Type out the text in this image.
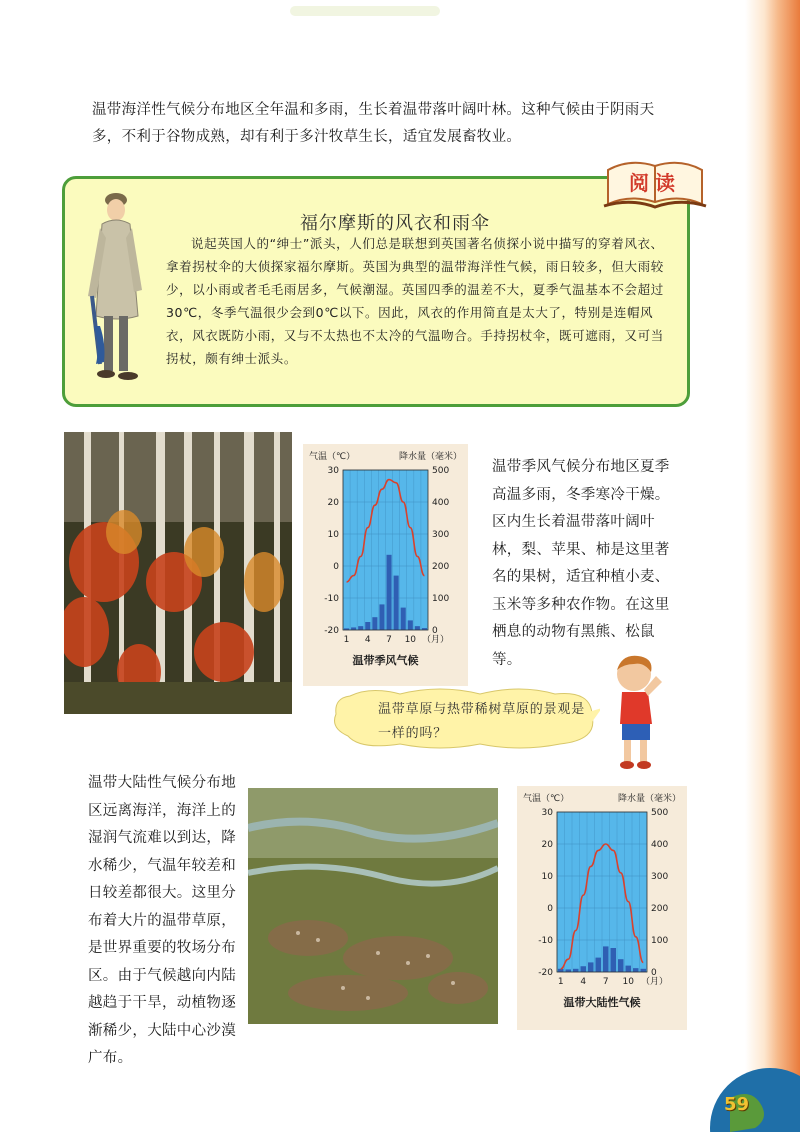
温带海洋性气候分布地区全年温和多雨，生长着温带落叶阔叶林。这种气候由于阴雨天
多，不利于谷物成熟，却有利于多汁牧草生长，适宜发展畜牧业。
阅读
福尔摩斯的风衣和雨伞

说起英国人的“绅士”派头，人们总是联想到英国著名侦探小说中描写的穿着风衣、拿着拐杖伞的大侦探家福尔摩斯。英国为典型的温带海洋性气候，雨日较多，但大雨较少，以小雨或者毛毛雨居多，气候潮湿。英国四季的温差不大，夏季气温基本不会超过30℃，冬季气温很少会到0℃以下。因此，风衣的作用简直是太大了，特别是连帽风衣，风衣既防小雨，又与不太热也不太冷的气温吻合。手持拐杖伞，既可遮雨，又可当拐杖，颇有绅士派头。

气温（℃）	降水量（毫米）
30	500
20	400
10	300
0	200
-10	100
-20	0
1 4 7 10 （月）
温带季风气候
温带季风气候分布地区夏季高温多雨，冬季寒冷干燥。区内生长着温带落叶阔叶林，梨、苹果、柿是这里著名的果树，适宜种植小麦、玉米等多种农作物。在这里栖息的动物有黑熊、松鼠等。
温带草原与热带稀树草原的景观是一样的吗？
温带大陆性气候分布地区远离海洋，海洋上的湿润气流难以到达，降水稀少，气温年较差和日较差都很大。这里分布着大片的温带草原，是世界重要的牧场分布区。由于气候越向内陆越趋于干旱，动植物逐渐稀少，大陆中心沙漠广布。
气温（℃）	降水量（毫米）
30	500
20	400
10	300
0	200
-10	100
-20	0
1 4 7 10 （月）
温带大陆性气候
59
